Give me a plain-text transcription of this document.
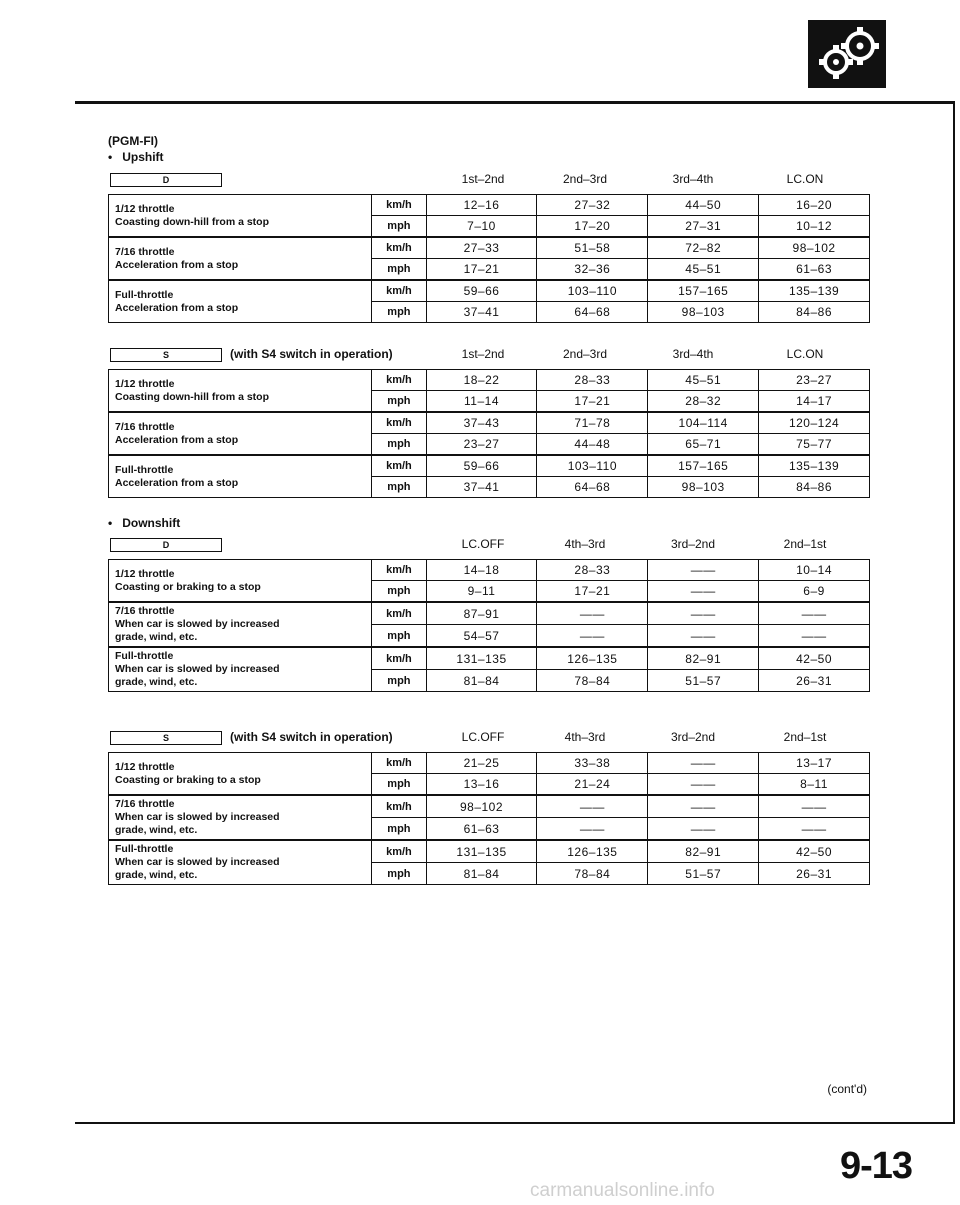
(PGM-FI)
•   Upshift
•   Downshift
D	1st–2nd	2nd–3rd	3rd–4th	LC.ON
1/12 throttle
Coasting down-hill from a stop	km/h	12–16	27–32	44–50	16–20
	mph	7–10	17–20	27–31	10–12

7/16 throttle
Acceleration from a stop	km/h	27–33	51–58	72–82	98–102
	mph	17–21	32–36	45–51	61–63

Full-throttle
Acceleration from a stop	km/h	59–66	103–110	157–165	135–139
	mph	37–41	64–68	98–103	84–86
S	(with S4 switch in operation)	1st–2nd	2nd–3rd	3rd–4th	LC.ON
1/12 throttle
Coasting down-hill from a stop	km/h	18–22	28–33	45–51	23–27
	mph	11–14	17–21	28–32	14–17

7/16 throttle
Acceleration from a stop	km/h	37–43	71–78	104–114	120–124
	mph	23–27	44–48	65–71	75–77

Full-throttle
Acceleration from a stop	km/h	59–66	103–110	157–165	135–139
	mph	37–41	64–68	98–103	84–86
D	LC.OFF	4th–3rd	3rd–2nd	2nd–1st
1/12 throttle
Coasting or braking to a stop	km/h	14–18	28–33	——	10–14
	mph	9–11	17–21	——	6–9

7/16 throttle
When car is slowed by increased
grade, wind, etc.	km/h	87–91	——	——	——
	mph	54–57	——	——	——

Full-throttle
When car is slowed by increased
grade, wind, etc.	km/h	131–135	126–135	82–91	42–50
	mph	81–84	78–84	51–57	26–31
S	(with S4 switch in operation)	LC.OFF	4th–3rd	3rd–2nd	2nd–1st
1/12 throttle
Coasting or braking to a stop	km/h	21–25	33–38	——	13–17
	mph	13–16	21–24	——	8–11

7/16 throttle
When car is slowed by increased
grade, wind, etc.	km/h	98–102	——	——	——
	mph	61–63	——	——	——

Full-throttle
When car is slowed by increased
grade, wind, etc.	km/h	131–135	126–135	82–91	42–50
	mph	81–84	78–84	51–57	26–31
(cont'd)
9-13
carmanualsonline.info
